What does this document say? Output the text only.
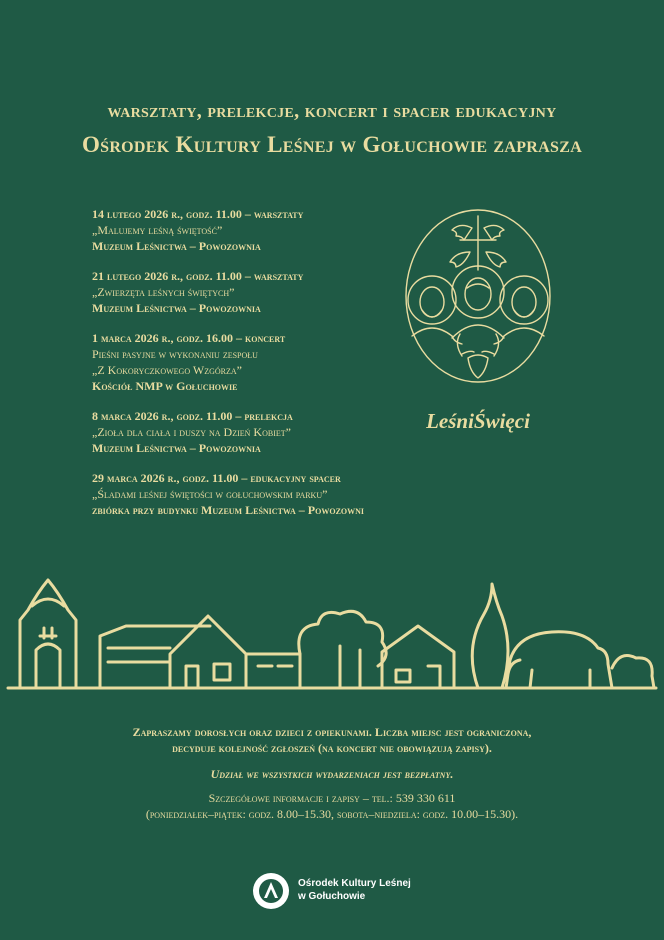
warsztaty, prelekcje, koncert i spacer edukacyjny
Ośrodek Kultury Leśnej w Gołuchowie zaprasza
14 lutego 2026 r., godz. 11.00 – warsztaty
„Malujemy leśną świętość”
Muzeum Leśnictwa – Powozownia
21 lutego 2026 r., godz. 11.00 – warsztaty
„Zwierzęta leśnych świętych”
Muzeum Leśnictwa – Powozownia
1 marca 2026 r., godz. 16.00 – koncert
Pieśni pasyjne w wykonaniu zespołu
„Z Kokoryczkowego Wzgórza”
Kościół NMP w Gołuchowie
8 marca 2026 r., godz. 11.00 – prelekcja
„Zioła dla ciała i duszy na Dzień Kobiet”
Muzeum Leśnictwa – Powozownia
29 marca 2026 r., godz. 11.00 – edukacyjny spacer
„Śladami leśnej świętości w gołuchowskim parku”
zbiórka przy budynku Muzeum Leśnictwa – Powozowni
LeśniŚwięci
Zapraszamy dorosłych oraz dzieci z opiekunami. Liczba miejsc jest ograniczona,
decyduje kolejność zgłoszeń (na koncert nie obowiązują zapisy).
Udział we wszystkich wydarzeniach jest bezpłatny.
Szczegółowe informacje i zapisy – tel.: 539 330 611
(poniedziałek–piątek: godz. 8.00–15.30, sobota–niedziela: godz. 10.00–15.30).
Ośrodek Kultury Leśnej
w Gołuchowie
